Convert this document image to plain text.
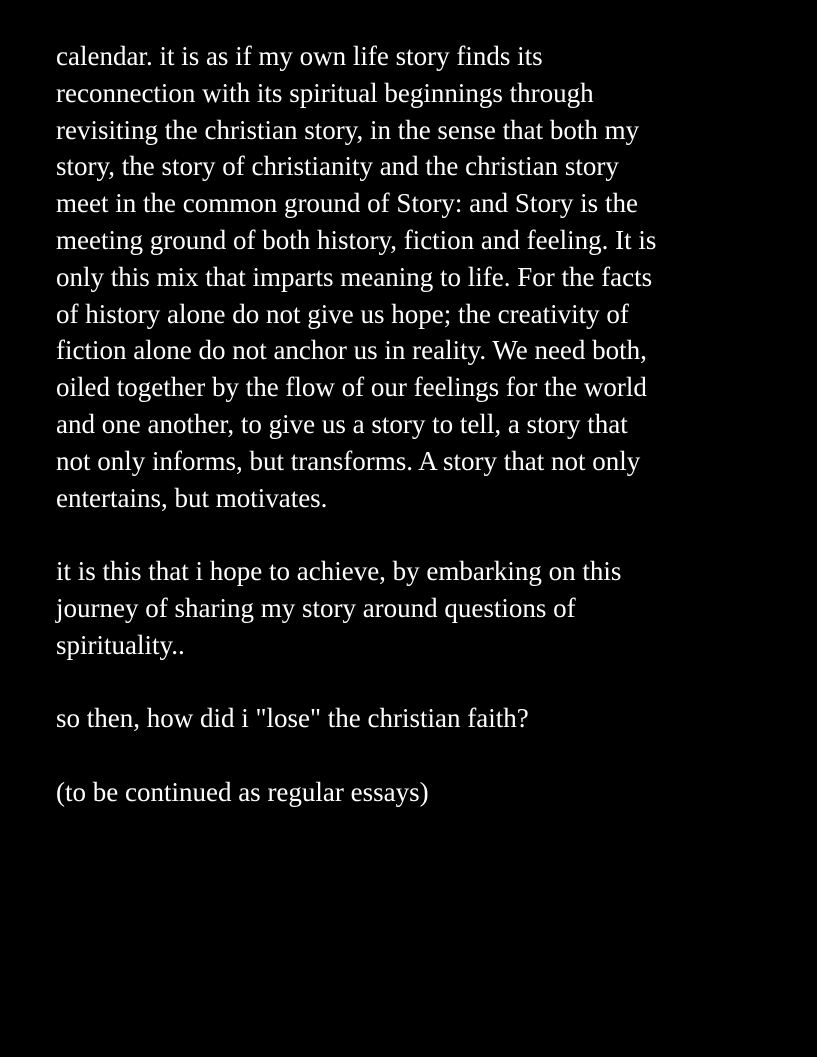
calendar. it is as if my own life story finds its
reconnection with its spiritual beginnings through
revisiting the christian story, in the sense that both my
story, the story of christianity and the christian story
meet in the common ground of Story: and Story is the
meeting ground of both history, fiction and feeling. It is
only this mix that imparts meaning to life. For the facts
of history alone do not give us hope; the creativity of
fiction alone do not anchor us in reality. We need both,
oiled together by the flow of our feelings for the world
and one another, to give us a story to tell, a story that
not only informs, but transforms. A story that not only
entertains, but motivates.

it is this that i hope to achieve, by embarking on this
journey of sharing my story around questions of
spirituality..

so then, how did i "lose" the christian faith?

(to be continued as regular essays)
